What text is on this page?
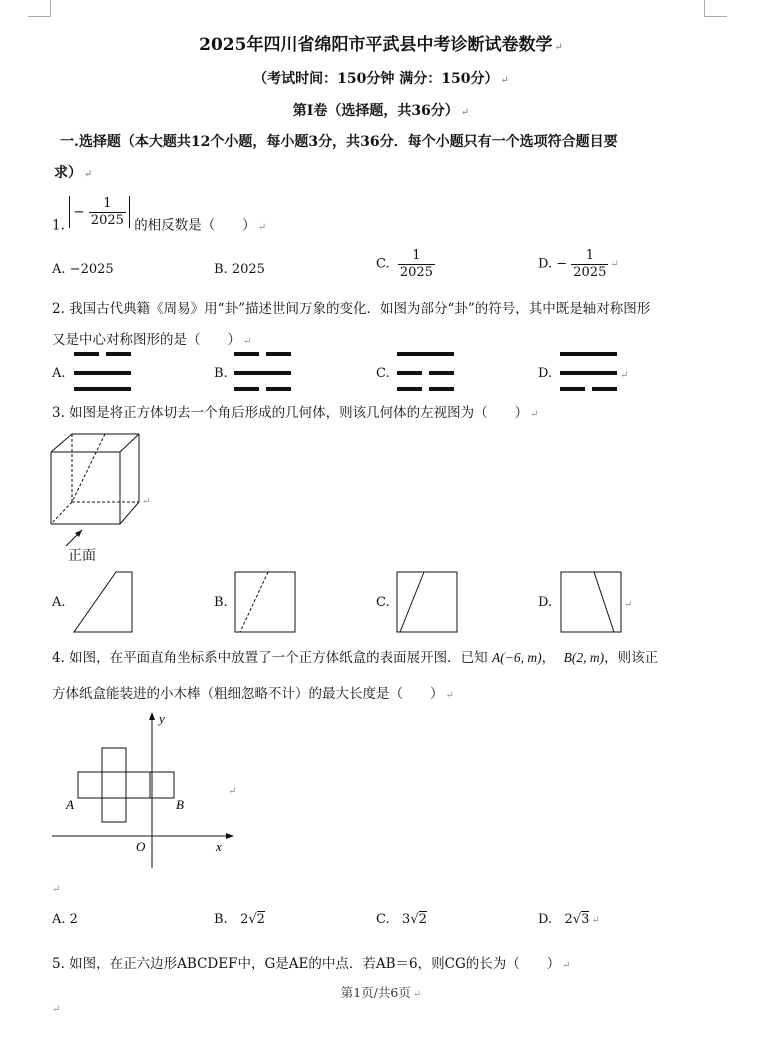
2025年四川省绵阳市平武县中考诊断试卷数学 ↵
（考试时间：150分钟 满分：150分） ↵
第Ⅰ卷（选择题，共36分） ↵
一.选择题（本大题共12个小题，每小题3分，共36分．每个小题只有一个选项符合题目要
求） ↵
1. − $\frac{1}{2025}$ 的相反数是（　　） $_↵$
A. −2025	B. 2025	C. $\frac{1}{2025}$	D. − $\frac{1}{2025}$ ↵
2. 我国古代典籍《周易》用“卦”描述世间万象的变化．如图为部分“卦”的符号，其中既是轴对称图形
又是中心对称图形的是（　　） ↵
A.	B.	C.	D.	↵
3. 如图是将正方体切去一个角后形成的几何体，则该几何体的左视图为（　　） ↵
正面
↵
A.	B.	C.	D.	↵
4. 如图，在平面直角坐标系中放置了一个正方体纸盒的表面展开图．已知 A(−6, m)，  B(2, m)，则该正
方体纸盒能装进的小木棒（粗细忽略不计）的最大长度是（　　） ↵
y
x
A	B
O
↵
↵
A. 2	B. 2√2	C. 3√2	D. 2√3 ↵
5. 如图，在正六边形ABCDEF中，G是AE的中点．若AB＝6，则CG的长为（　　） ↵
第1页/共6页 ↵
↵
